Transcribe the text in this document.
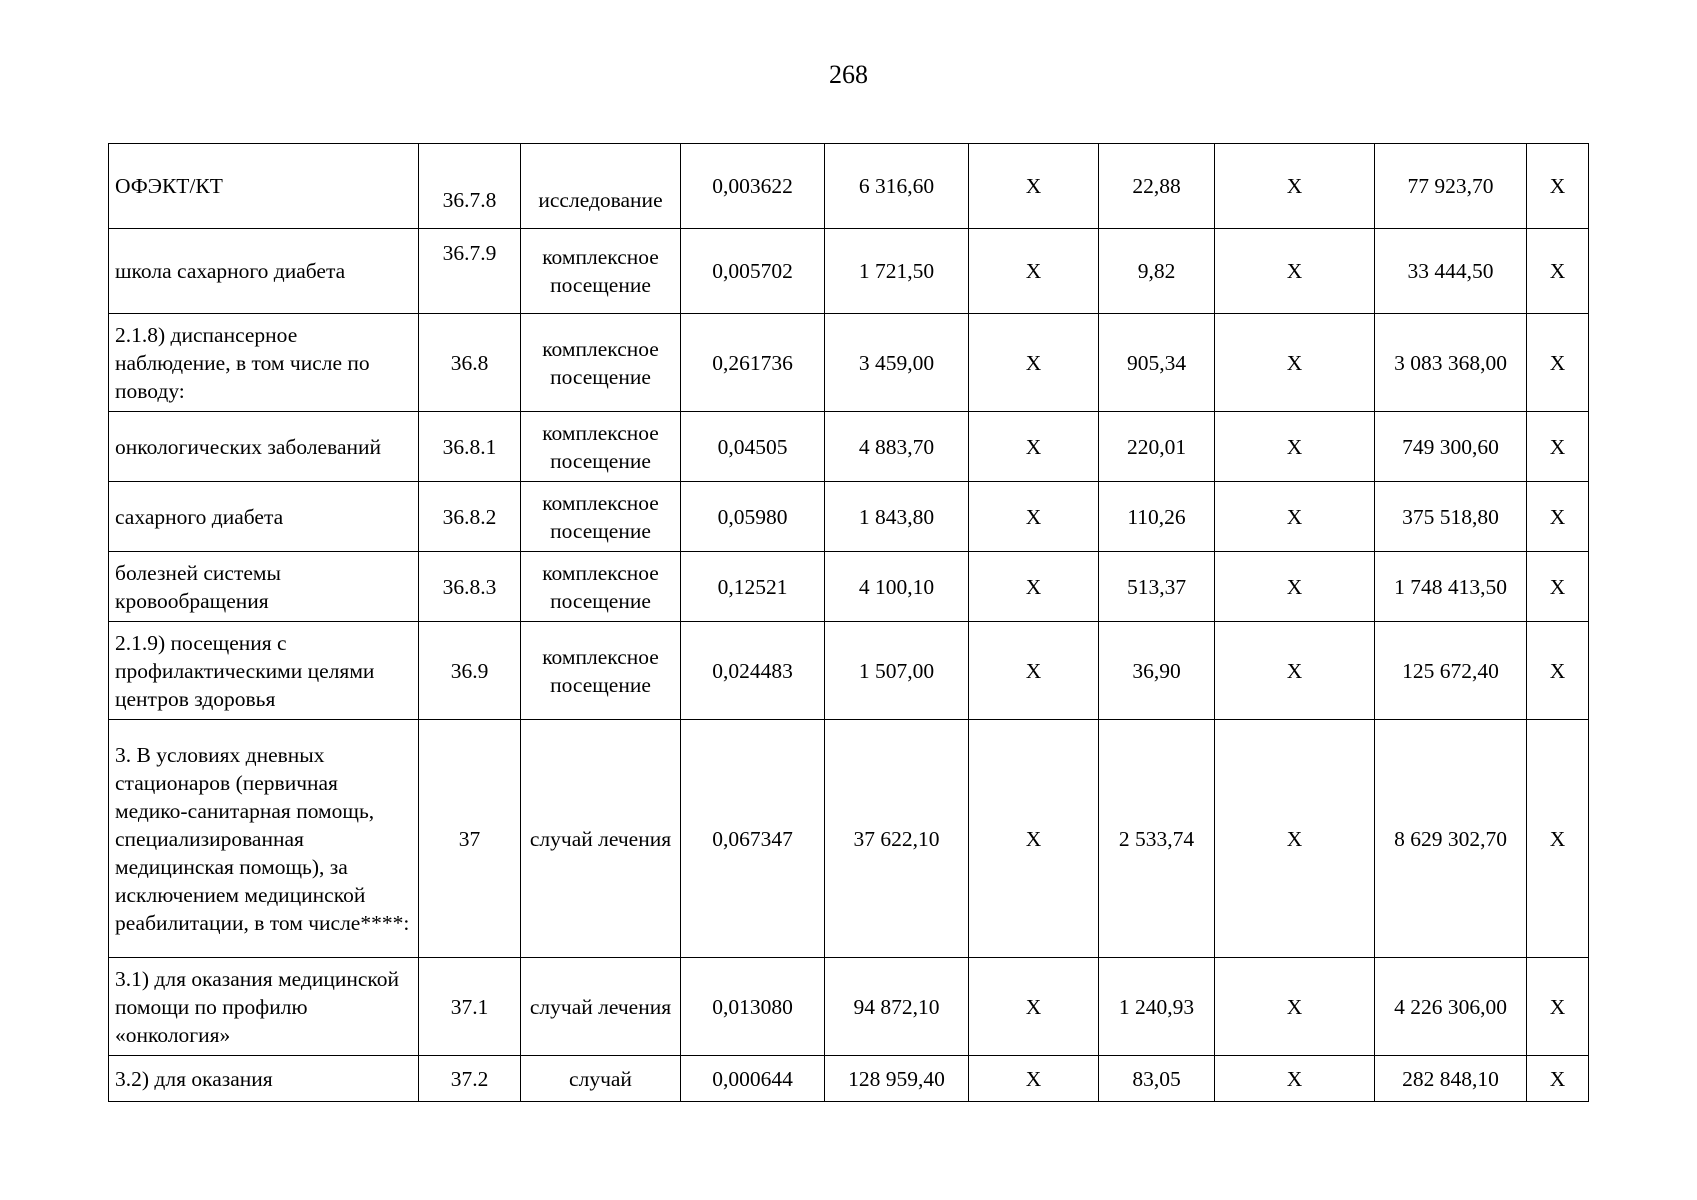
268
ОФЭКТ/КТ	36.7.8	исследование	0,003622	6 316,60	X	22,88	X	77 923,70	X
школа сахарного диабета	36.7.9	комплексное посещение	0,005702	1 721,50	X	9,82	X	33 444,50	X
2.1.8) диспансерное наблюдение, в том числе по поводу:	36.8	комплексное посещение	0,261736	3 459,00	X	905,34	X	3 083 368,00	X
онкологических заболеваний	36.8.1	комплексное посещение	0,04505	4 883,70	X	220,01	X	749 300,60	X
сахарного диабета	36.8.2	комплексное посещение	0,05980	1 843,80	X	110,26	X	375 518,80	X
болезней системы кровообращения	36.8.3	комплексное посещение	0,12521	4 100,10	X	513,37	X	1 748 413,50	X
2.1.9) посещения с профилактическими целями центров здоровья	36.9	комплексное посещение	0,024483	1 507,00	X	36,90	X	125 672,40	X
3. В условиях дневных стационаров (первичная медико-санитарная помощь, специализированная медицинская помощь), за исключением медицинской реабилитации, в том числе****:	37	случай лечения	0,067347	37 622,10	X	2 533,74	X	8 629 302,70	X
3.1) для оказания медицинской помощи по профилю «онкология»	37.1	случай лечения	0,013080	94 872,10	X	1 240,93	X	4 226 306,00	X
3.2) для оказания	37.2	случай	0,000644	128 959,40	X	83,05	X	282 848,10	X
